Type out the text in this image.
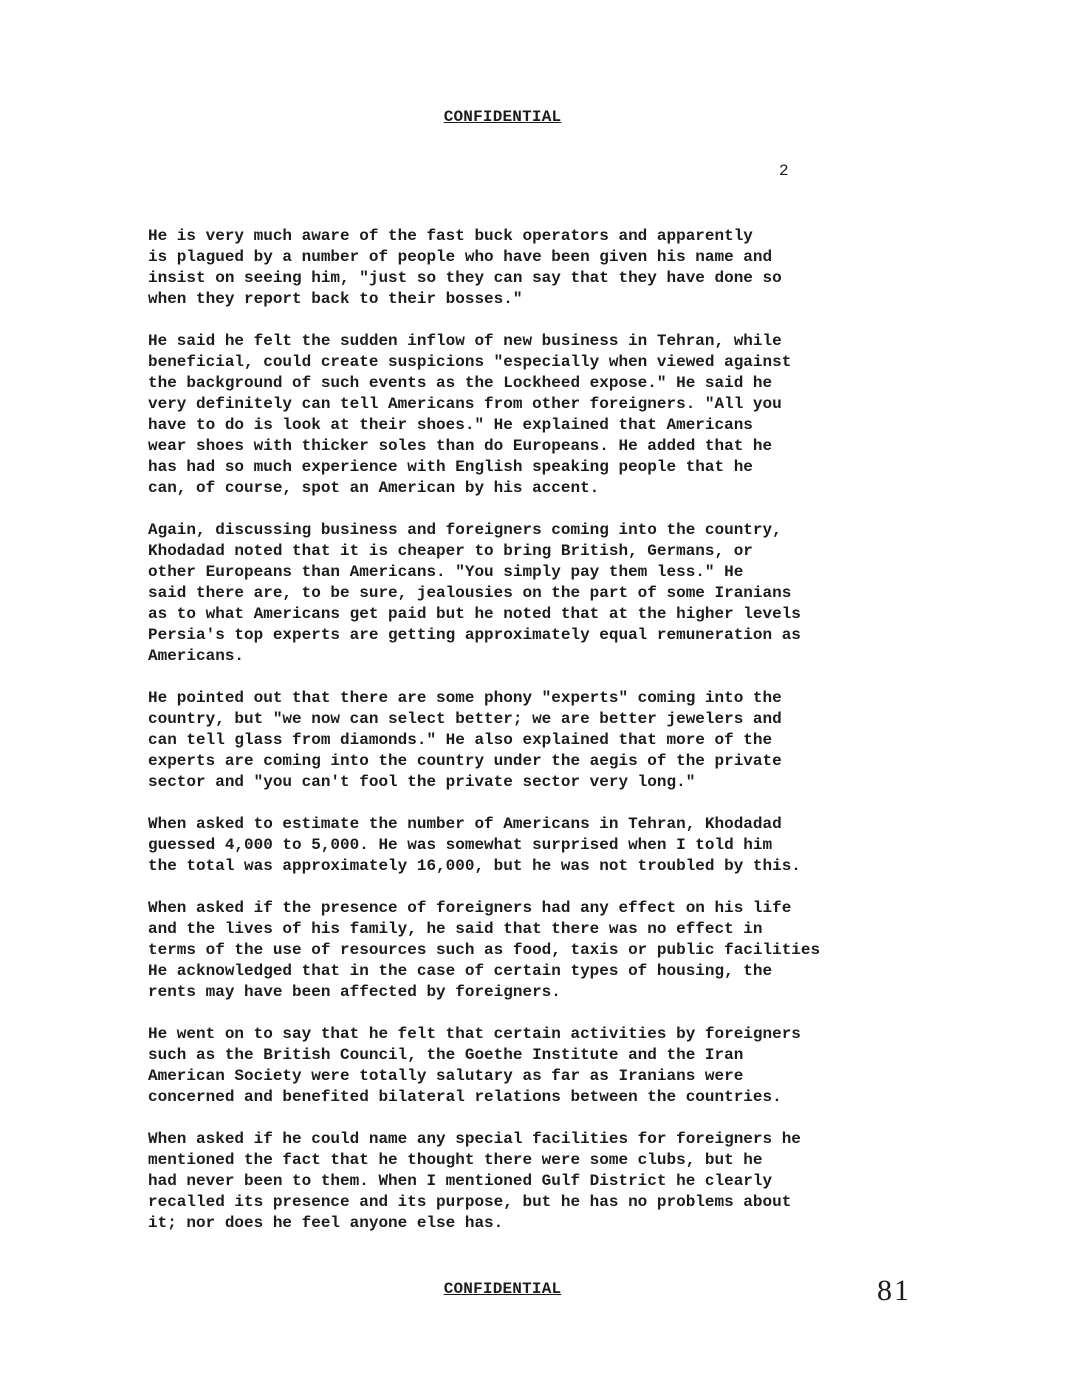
CONFIDENTIAL
2

He is very much aware of the fast buck operators and apparently
is plagued by a number of people who have been given his name and
insist on seeing him, "just so they can say that they have done so
when they report back to their bosses."

He said he felt the sudden inflow of new business in Tehran, while
beneficial, could create suspicions "especially when viewed against
the background of such events as the Lockheed expose." He said he
very definitely can tell Americans from other foreigners. "All you
have to do is look at their shoes." He explained that Americans
wear shoes with thicker soles than do Europeans. He added that he
has had so much experience with English speaking people that he
can, of course, spot an American by his accent.

Again, discussing business and foreigners coming into the country,
Khodadad noted that it is cheaper to bring British, Germans, or
other Europeans than Americans. "You simply pay them less." He
said there are, to be sure, jealousies on the part of some Iranians
as to what Americans get paid but he noted that at the higher levels
Persia's top experts are getting approximately equal remuneration as
Americans.

He pointed out that there are some phony "experts" coming into the
country, but "we now can select better; we are better jewelers and
can tell glass from diamonds." He also explained that more of the
experts are coming into the country under the aegis of the private
sector and "you can't fool the private sector very long."

When asked to estimate the number of Americans in Tehran, Khodadad
guessed 4,000 to 5,000. He was somewhat surprised when I told him
the total was approximately 16,000, but he was not troubled by this.

When asked if the presence of foreigners had any effect on his life
and the lives of his family, he said that there was no effect in
terms of the use of resources such as food, taxis or public facilities
He acknowledged that in the case of certain types of housing, the
rents may have been affected by foreigners.

He went on to say that he felt that certain activities by foreigners
such as the British Council, the Goethe Institute and the Iran
American Society were totally salutary as far as Iranians were
concerned and benefited bilateral relations between the countries.

When asked if he could name any special facilities for foreigners he
mentioned the fact that he thought there were some clubs, but he
had never been to them. When I mentioned Gulf District he clearly
recalled its presence and its purpose, but he has no problems about
it; nor does he feel anyone else has.

CONFIDENTIAL	81
